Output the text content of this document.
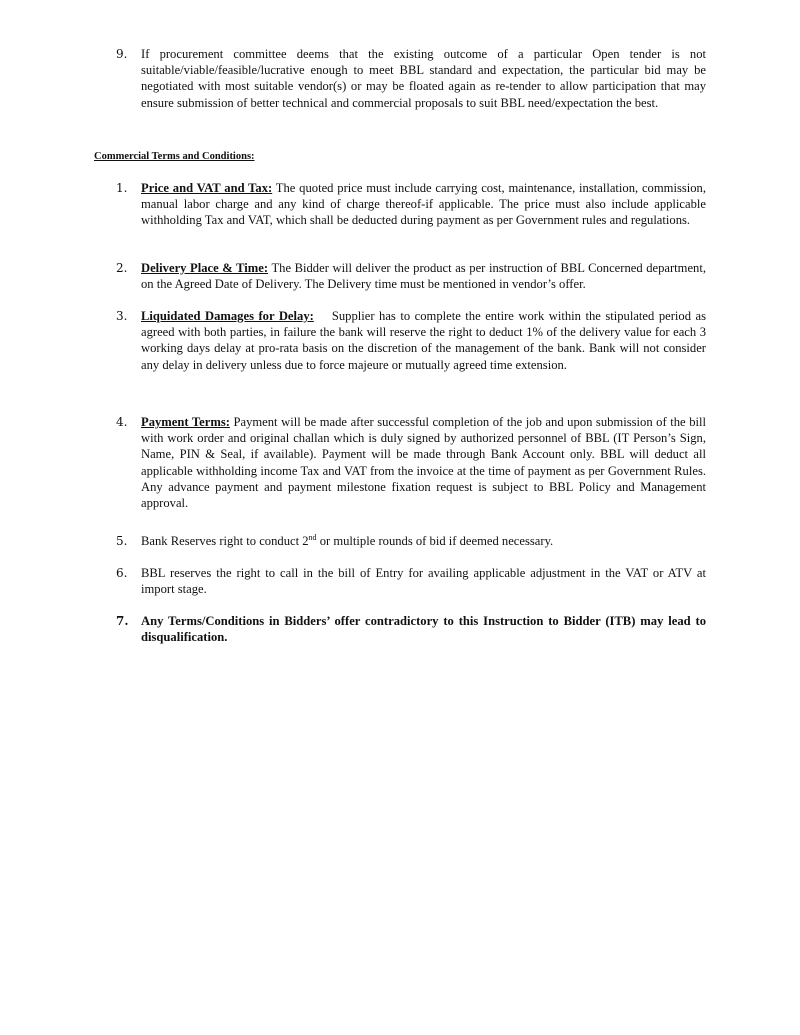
9.	If procurement committee deems that the existing outcome of a particular Open tender is not suitable/viable/feasible/lucrative enough to meet BBL standard and expectation, the particular bid may be negotiated with most suitable vendor(s) or may be floated again as re-tender to allow participation that may ensure submission of better technical and commercial proposals to suit BBL need/expectation the best.
Commercial Terms and Conditions:
1.	Price and VAT and Tax: The quoted price must include carrying cost, maintenance, installation, commission, manual labor charge and any kind of charge thereof-if applicable. The price must also include applicable withholding Tax and VAT, which shall be deducted during payment as per Government rules and regulations.
2.	Delivery Place & Time: The Bidder will deliver the product as per instruction of BBL Concerned department, on the Agreed Date of Delivery. The Delivery time must be mentioned in vendor’s offer.
3.	Liquidated Damages for Delay:    Supplier has to complete the entire work within the stipulated period as agreed with both parties, in failure the bank will reserve the right to deduct 1% of the delivery value for each 3 working days delay at pro-rata basis on the discretion of the management of the bank. Bank will not consider any delay in delivery unless due to force majeure or mutually agreed time extension.
4.	Payment Terms: Payment will be made after successful completion of the job and upon submission of the bill with work order and original challan which is duly signed by authorized personnel of BBL (IT Person’s Sign, Name, PIN & Seal, if available). Payment will be made through Bank Account only. BBL will deduct all applicable withholding income Tax and VAT from the invoice at the time of payment as per Government Rules. Any advance payment and payment milestone fixation request is subject to BBL Policy and Management approval.
5.	Bank Reserves right to conduct 2nd or multiple rounds of bid if deemed necessary.
6.	BBL reserves the right to call in the bill of Entry for availing applicable adjustment in the VAT or ATV at import stage.
7. Any Terms/Conditions in Bidders’ offer contradictory to this Instruction to Bidder (ITB) may lead to disqualification.
